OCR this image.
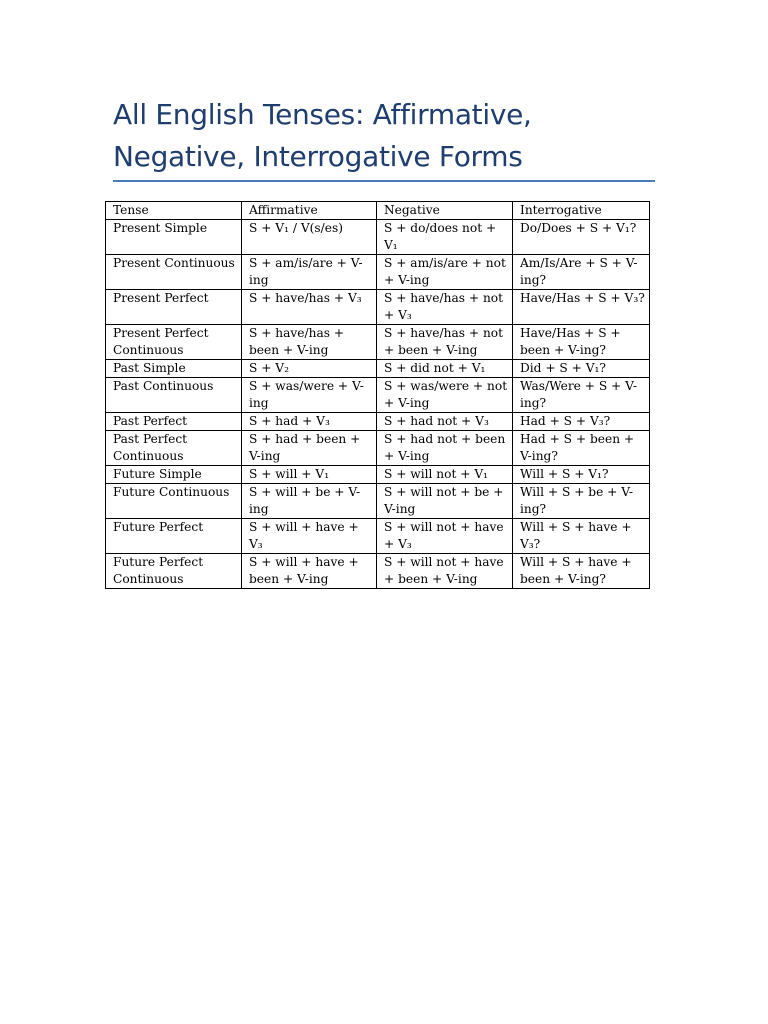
All English Tenses: Affirmative,
Negative, Interrogative Forms
Tense	Affirmative	Negative	Interrogative
Present Simple	S + V₁ / V(s/es)	S + do/does not + V₁	Do/Does + S + V₁?
Present Continuous	S + am/is/are + V-ing	S + am/is/are + not + V-ing	Am/Is/Are + S + V-ing?
Present Perfect	S + have/has + V₃	S + have/has + not + V₃	Have/Has + S + V₃?
Present Perfect Continuous	S + have/has + been + V-ing	S + have/has + not + been + V-ing	Have/Has + S + been + V-ing?
Past Simple	S + V₂	S + did not + V₁	Did + S + V₁?
Past Continuous	S + was/were + V-ing	S + was/were + not + V-ing	Was/Were + S + V-ing?
Past Perfect	S + had + V₃	S + had not + V₃	Had + S + V₃?
Past Perfect Continuous	S + had + been + V-ing	S + had not + been + V-ing	Had + S + been + V-ing?
Future Simple	S + will + V₁	S + will not + V₁	Will + S + V₁?
Future Continuous	S + will + be + V-ing	S + will not + be + V-ing	Will + S + be + V-ing?
Future Perfect	S + will + have + V₃	S + will not + have + V₃	Will + S + have + V₃?
Future Perfect Continuous	S + will + have + been + V-ing	S + will not + have + been + V-ing	Will + S + have + been + V-ing?
